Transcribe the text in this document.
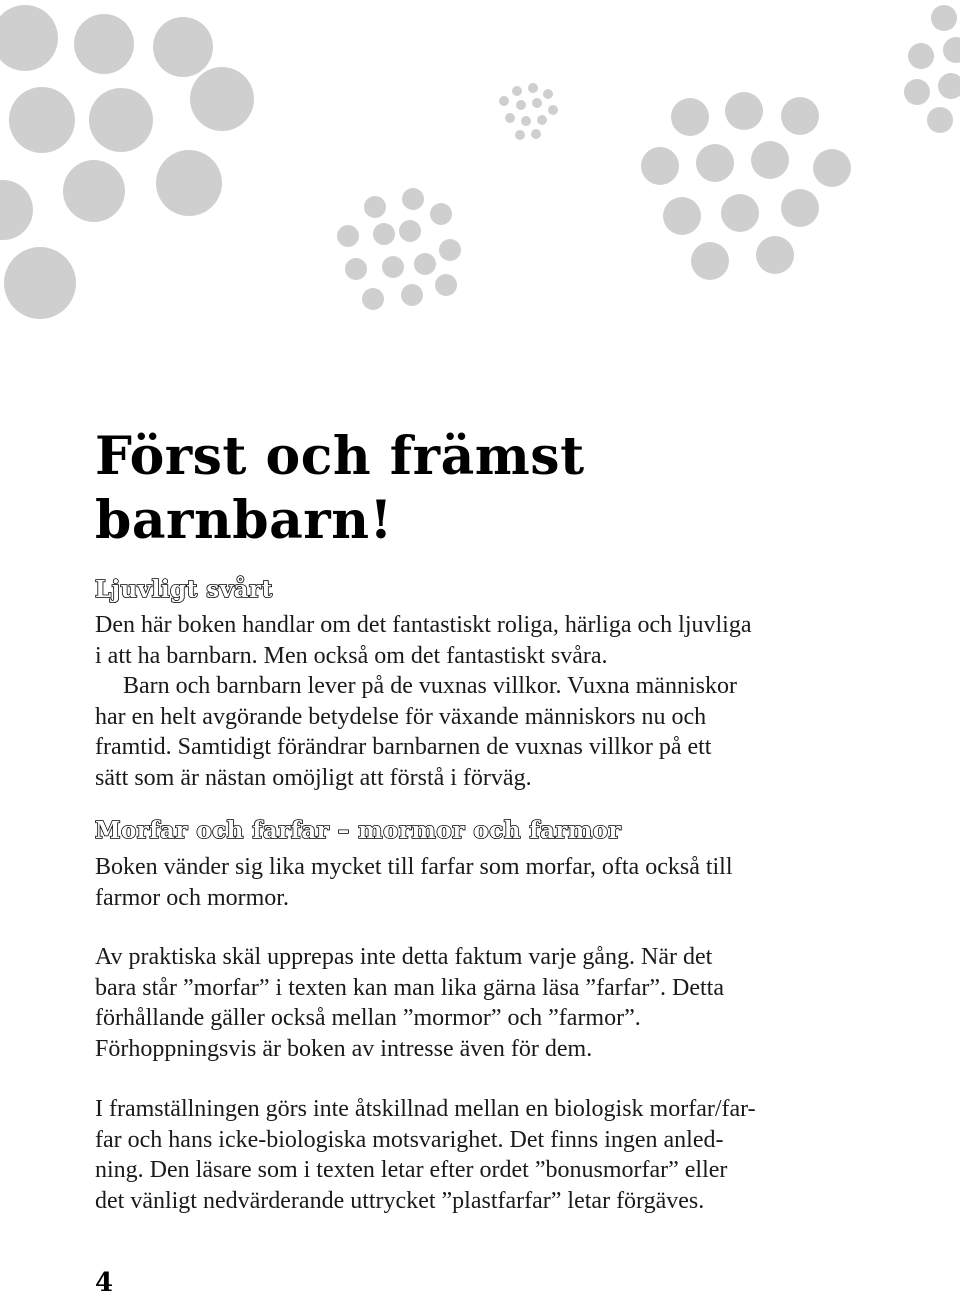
Först och främst
barnbarn!
Ljuvligt svårt

Den här boken handlar om det fantastiskt roliga, härliga och ljuvliga
i att ha barnbarn. Men också om det fantastiskt svåra.
Barn och barnbarn lever på de vuxnas villkor. Vuxna människor
har en helt avgörande betydelse för växande människors nu och
framtid. Samtidigt förändrar barnbarnen de vuxnas villkor på ett
sätt som är nästan omöjligt att förstå i förväg.

Morfar och farfar – mormor och farmor

Boken vänder sig lika mycket till farfar som morfar, ofta också till
farmor och mormor.

Av praktiska skäl upprepas inte detta faktum varje gång. När det
bara står ”morfar” i texten kan man lika gärna läsa ”farfar”. Detta
förhållande gäller också mellan ”mormor” och ”farmor”.
Förhoppningsvis är boken av intresse även för dem.

I framställningen görs inte åtskillnad mellan en biologisk morfar/far-
far och hans icke-biologiska motsvarighet. Det finns ingen anled-
ning. Den läsare som i texten letar efter ordet ”bonusmorfar” eller
det vänligt nedvärderande uttrycket ”plastfarfar” letar förgäves.

4
